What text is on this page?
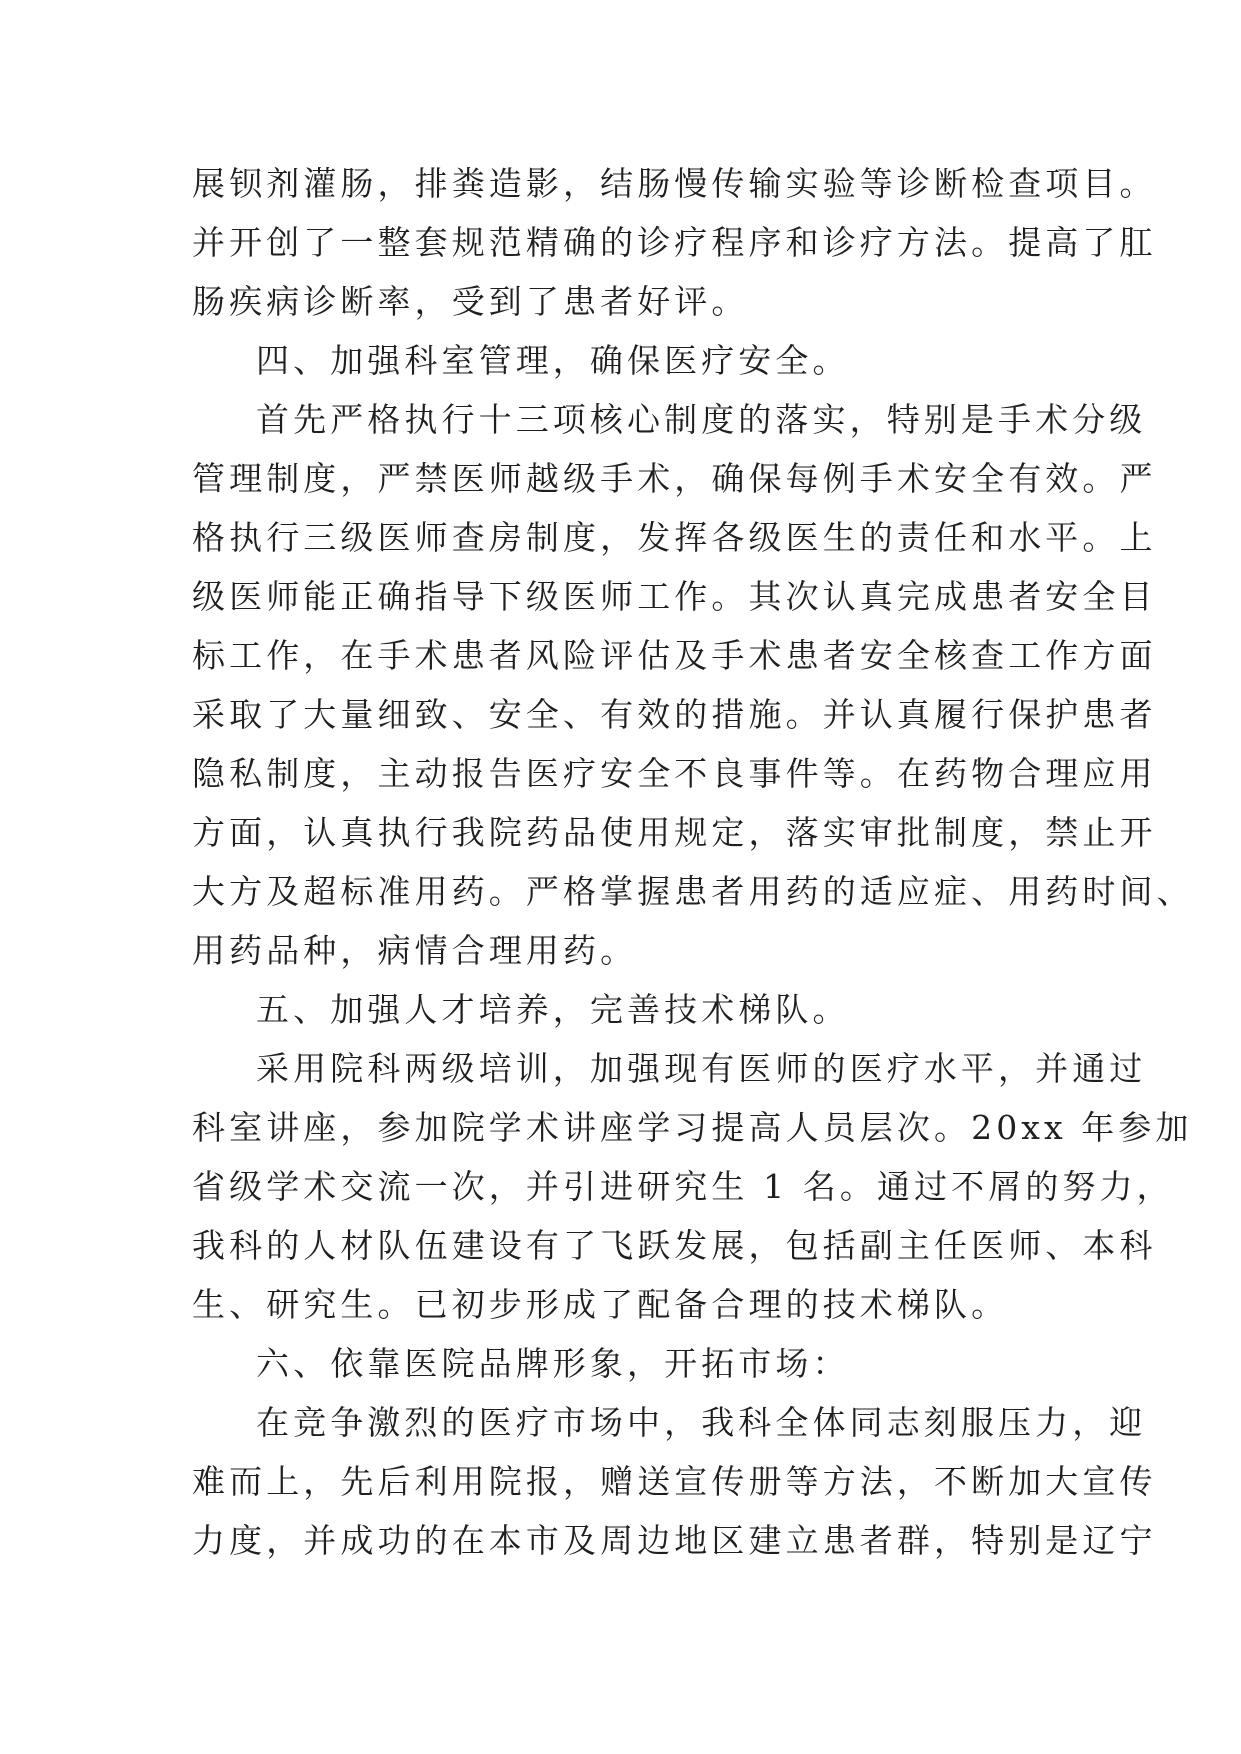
展钡剂灌肠，排粪造影，结肠慢传输实验等诊断检查项目。
并开创了一整套规范精确的诊疗程序和诊疗方法。提高了肛
肠疾病诊断率，受到了患者好评。
四、加强科室管理，确保医疗安全。
首先严格执行十三项核心制度的落实，特别是手术分级
管理制度，严禁医师越级手术，确保每例手术安全有效。严
格执行三级医师查房制度，发挥各级医生的责任和水平。上
级医师能正确指导下级医师工作。其次认真完成患者安全目
标工作，在手术患者风险评估及手术患者安全核查工作方面
采取了大量细致、安全、有效的措施。并认真履行保护患者
隐私制度，主动报告医疗安全不良事件等。在药物合理应用
方面，认真执行我院药品使用规定，落实审批制度，禁止开
大方及超标准用药。严格掌握患者用药的适应症、用药时间、
用药品种，病情合理用药。
五、加强人才培养，完善技术梯队。
采用院科两级培训，加强现有医师的医疗水平，并通过
科室讲座，参加院学术讲座学习提高人员层次。20xx 年参加
省级学术交流一次，并引进研究生 1 名。通过不屑的努力，
我科的人材队伍建设有了飞跃发展，包括副主任医师、本科
生、研究生。已初步形成了配备合理的技术梯队。
六、依靠医院品牌形象，开拓市场：
在竞争激烈的医疗市场中，我科全体同志刻服压力，迎
难而上，先后利用院报，赠送宣传册等方法，不断加大宣传
力度，并成功的在本市及周边地区建立患者群，特别是辽宁
